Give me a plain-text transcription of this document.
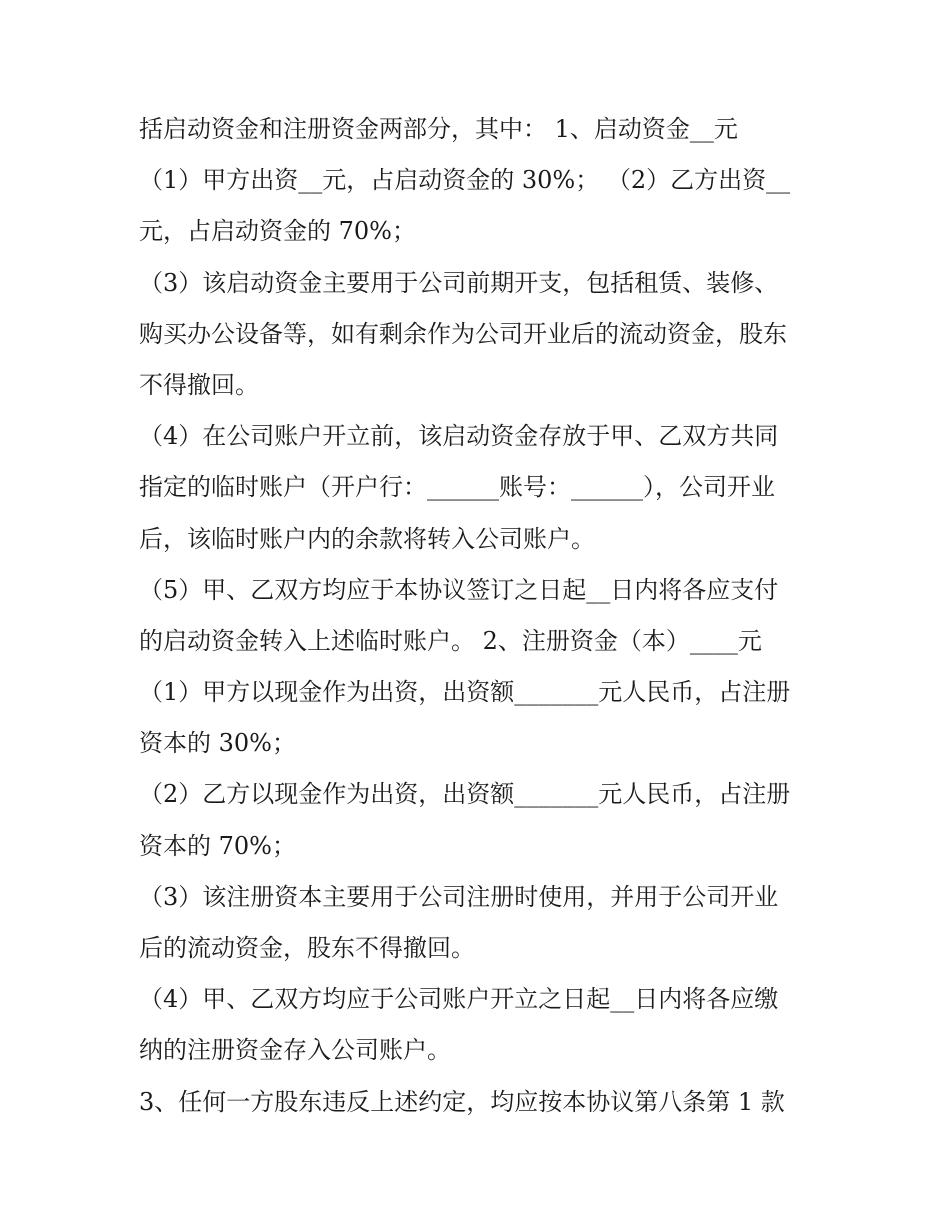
括启动资金和注册资金两部分，其中： 1、启动资金__元
（1）甲方出资__元，占启动资金的 30%； （2）乙方出资__
元，占启动资金的 70%；
（3）该启动资金主要用于公司前期开支，包括租赁、装修、
购买办公设备等，如有剩余作为公司开业后的流动资金，股东
不得撤回。
（4）在公司账户开立前，该启动资金存放于甲、乙双方共同
指定的临时账户（开户行：______账号：______），公司开业
后，该临时账户内的余款将转入公司账户。
（5）甲、乙双方均应于本协议签订之日起__日内将各应支付
的启动资金转入上述临时账户。 2、注册资金（本）____元
（1）甲方以现金作为出资，出资额_______元人民币，占注册
资本的 30%；
（2）乙方以现金作为出资，出资额_______元人民币，占注册
资本的 70%；
（3）该注册资本主要用于公司注册时使用，并用于公司开业
后的流动资金，股东不得撤回。
（4）甲、乙双方均应于公司账户开立之日起__日内将各应缴
纳的注册资金存入公司账户。
3、任何一方股东违反上述约定，均应按本协议第八条第 1 款
